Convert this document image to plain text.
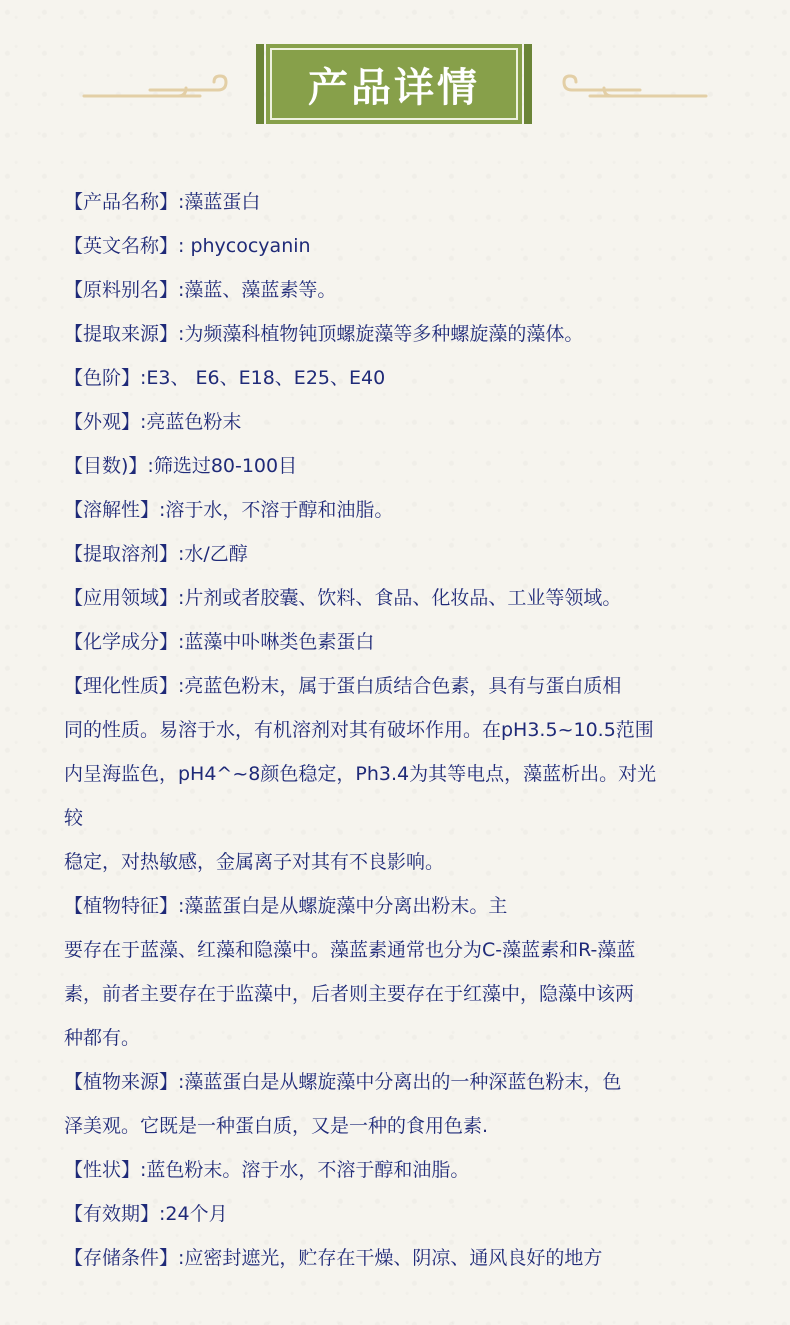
产品详情
【产品名称】:藻蓝蛋白
【英文名称】: phycocyanin
【原料别名】:藻蓝、藻蓝素等。
【提取来源】:为频藻科植物钝顶螺旋藻等多种螺旋藻的藻体。
【色阶】:E3、 E6、E18、E25、E40
【外观】:亮蓝色粉末
【目数)】:筛选过80-100目
【溶解性】:溶于水，不溶于醇和油脂。
【提取溶剂】:水/乙醇
【应用领域】:片剂或者胶囊、饮料、食品、化妆品、工业等领域。
【化学成分】:蓝藻中卟啉类色素蛋白
【理化性质】:亮蓝色粉末，属于蛋白质结合色素，具有与蛋白质相
同的性质。易溶于水，有机溶剂对其有破坏作用。在pH3.5~10.5范围
内呈海监色，pH4^~8颜色稳定，Ph3.4为其等电点，藻蓝析出。对光
较
稳定，对热敏感，金属离子对其有不良影响。
【植物特征】:藻蓝蛋白是从螺旋藻中分离出粉末。主
要存在于蓝藻、红藻和隐藻中。藻蓝素通常也分为C-藻蓝素和R-藻蓝
素，前者主要存在于监藻中，后者则主要存在于红藻中，隐藻中该两
种都有。
【植物来源】:藻蓝蛋白是从螺旋藻中分离出的一种深蓝色粉末，色
泽美观。它既是一种蛋白质，又是一种的食用色素.
【性状】:蓝色粉末。溶于水，不溶于醇和油脂。
【有效期】:24个月
【存储条件】:应密封遮光，贮存在干燥、阴凉、通风良好的地方
